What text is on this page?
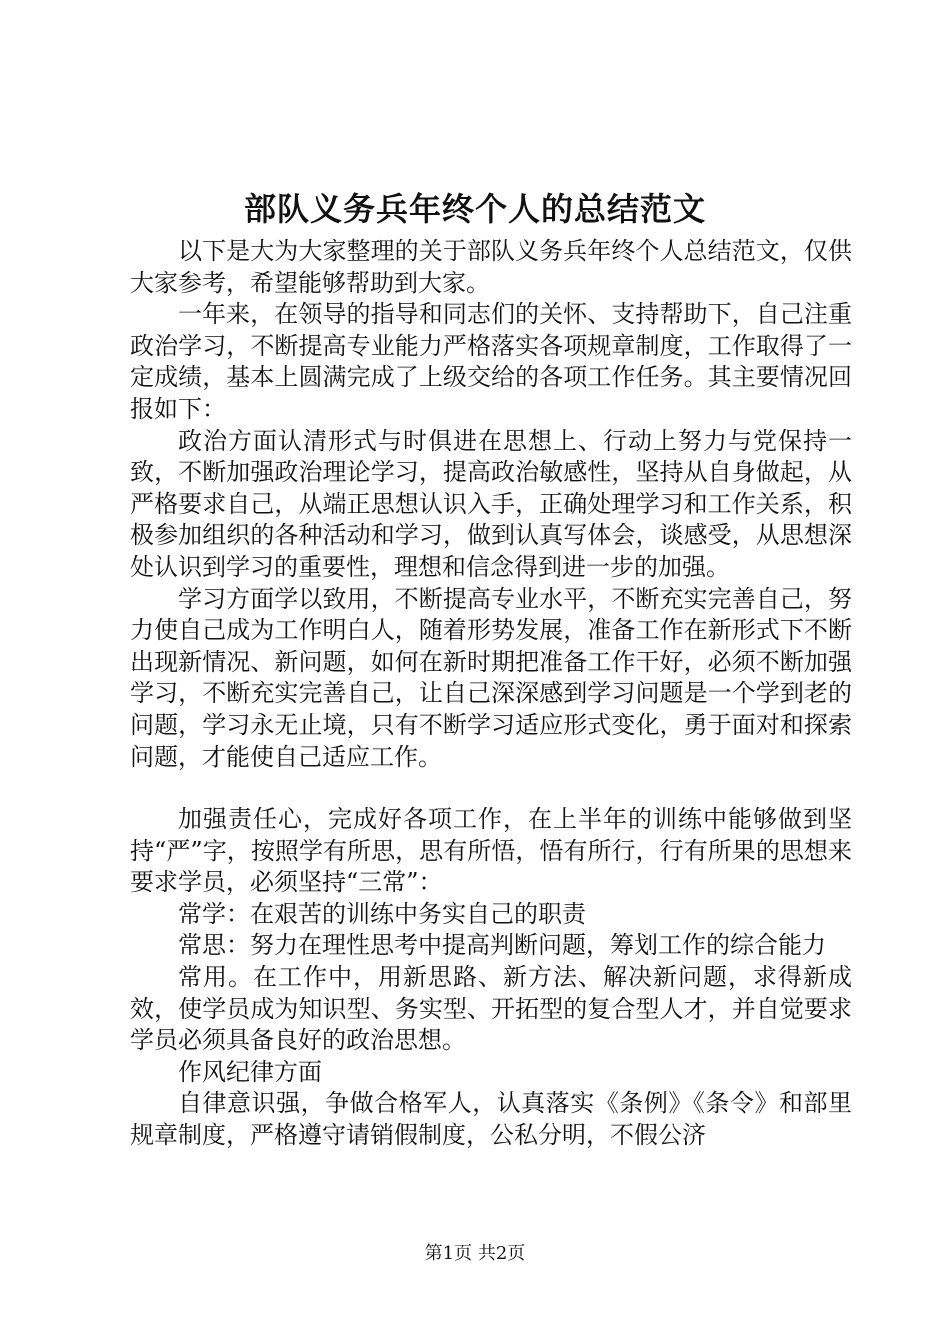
部队义务兵年终个人的总结范文

以下是大为大家整理的关于部队义务兵年终个人总结范文，仅供大家参考，希望能够帮助到大家。

一年来，在领导的指导和同志们的关怀、支持帮助下，自己注重政治学习，不断提高专业能力严格落实各项规章制度，工作取得了一定成绩，基本上圆满完成了上级交给的各项工作任务。其主要情况回报如下：

政治方面认清形式与时俱进在思想上、行动上努力与党保持一致，不断加强政治理论学习，提高政治敏感性，坚持从自身做起，从严格要求自己，从端正思想认识入手，正确处理学习和工作关系，积极参加组织的各种活动和学习，做到认真写体会，谈感受，从思想深处认识到学习的重要性，理想和信念得到进一步的加强。

学习方面学以致用，不断提高专业水平，不断充实完善自己，努力使自己成为工作明白人，随着形势发展，准备工作在新形式下不断出现新情况、新问题，如何在新时期把准备工作干好，必须不断加强学习，不断充实完善自己，让自己深深感到学习问题是一个学到老的问题，学习永无止境，只有不断学习适应形式变化，勇于面对和探索问题，才能使自己适应工作。

加强责任心，完成好各项工作，在上半年的训练中能够做到坚持“严”字，按照学有所思，思有所悟，悟有所行，行有所果的思想来要求学员，必须坚持“三常”：

常学：在艰苦的训练中务实自己的职责

常思：努力在理性思考中提高判断问题，筹划工作的综合能力

常用。在工作中，用新思路、新方法、解决新问题，求得新成效，使学员成为知识型、务实型、开拓型的复合型人才，并自觉要求学员必须具备良好的政治思想。

作风纪律方面

自律意识强，争做合格军人，认真落实《条例》《条令》和部里规章制度，严格遵守请销假制度，公私分明，不假公济

第1页 共2页
